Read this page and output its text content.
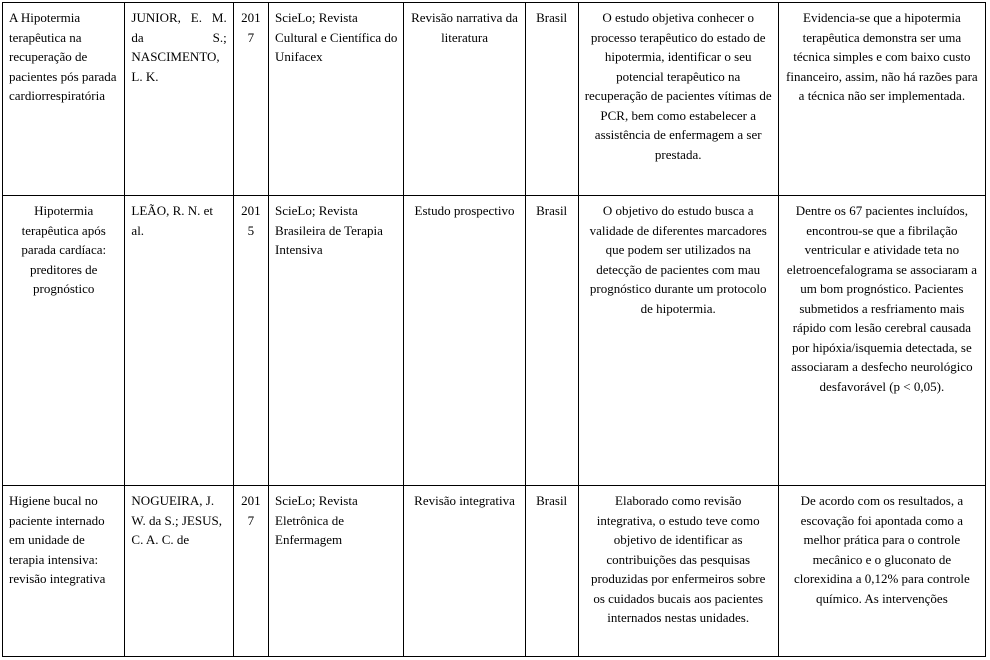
A Hipotermia terapêutica na recuperação de pacientes pós parada cardiorrespiratória	JUNIOR, E. M. da S.; NASCIMENTO, L. K.	2017	ScieLo; Revista Cultural e Científica do Unifacex	Revisão narrativa da literatura	Brasil	O estudo objetiva conhecer o processo terapêutico do estado de hipotermia, identificar o seu potencial terapêutico na recuperação de pacientes vítimas de PCR, bem como estabelecer a assistência de enfermagem a ser prestada.	Evidencia-se que a hipotermia terapêutica demonstra ser uma técnica simples e com baixo custo financeiro, assim, não há razões para a técnica não ser implementada.
Hipotermia terapêutica após parada cardíaca: preditores de prognóstico	LEÃO, R. N. et al.	2015	ScieLo; Revista Brasileira de Terapia Intensiva	Estudo prospectivo	Brasil	O objetivo do estudo busca a validade de diferentes marcadores que podem ser utilizados na detecção de pacientes com mau prognóstico durante um protocolo de hipotermia.	Dentre os 67 pacientes incluídos, encontrou-se que a fibrilação ventricular e atividade teta no eletroencefalograma se associaram a um bom prognóstico. Pacientes submetidos a resfriamento mais rápido com lesão cerebral causada por hipóxia/isquemia detectada, se associaram a desfecho neurológico desfavorável (p < 0,05).
Higiene bucal no paciente internado em unidade de terapia intensiva: revisão integrativa	NOGUEIRA, J. W. da S.; JESUS, C. A. C. de	2017	ScieLo; Revista Eletrônica de Enfermagem	Revisão integrativa	Brasil	Elaborado como revisão integrativa, o estudo teve como objetivo de identificar as contribuições das pesquisas produzidas por enfermeiros sobre os cuidados bucais aos pacientes internados nestas unidades.	De acordo com os resultados, a escovação foi apontada como a melhor prática para o controle mecânico e o gluconato de clorexidina a 0,12% para controle químico. As intervenções
